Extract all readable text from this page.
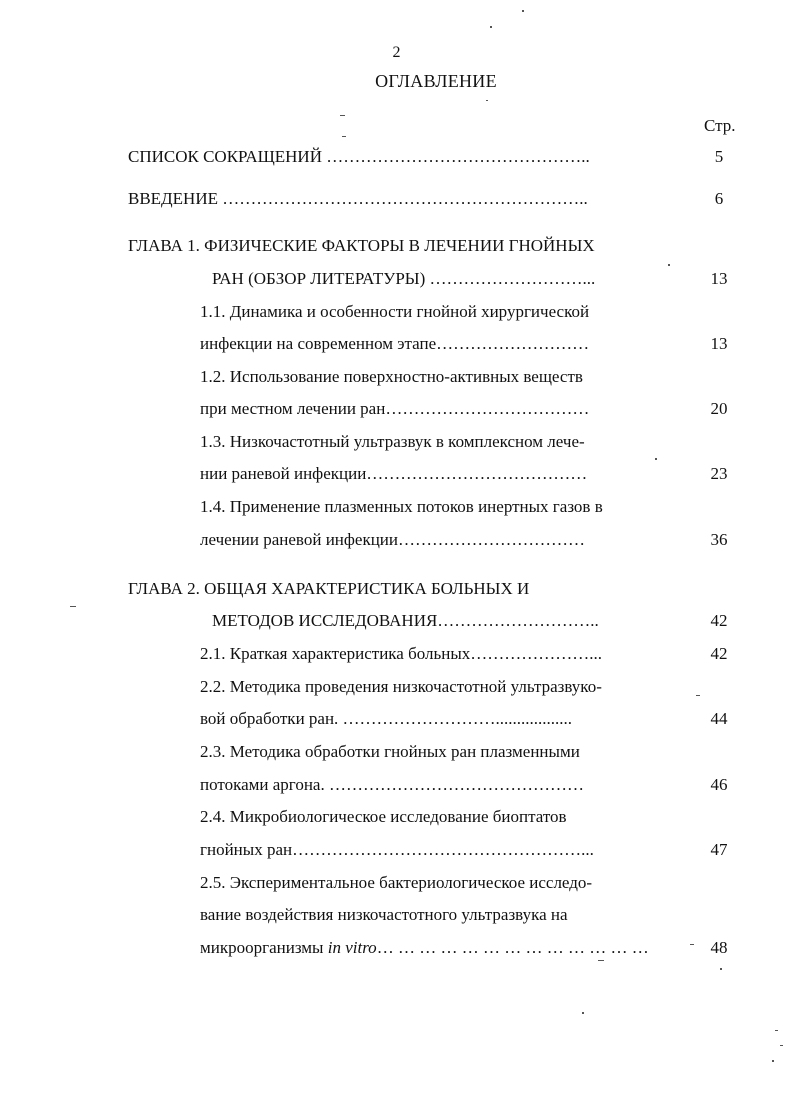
2
ОГЛАВЛЕНИЕ
Стр.
СПИСОК СОКРАЩЕНИЙ ………………………………………..	5
ВВЕДЕНИЕ ………………………………………………………..	6
ГЛАВА 1. ФИЗИЧЕСКИЕ ФАКТОРЫ В ЛЕЧЕНИИ ГНОЙНЫХ
РАН (ОБЗОР ЛИТЕРАТУРЫ) ………………………...	13
1.1. Динамика и особенности гнойной хирургической
инфекции на современном этапе………………………	13
1.2. Использование поверхностно-активных веществ
при местном лечении ран………………………………	20
1.3. Низкочастотный ультразвук в комплексном лече-
нии раневой инфекции…………………………………	23
1.4. Применение плазменных потоков инертных газов в
лечении раневой инфекции……………………………	36
ГЛАВА 2. ОБЩАЯ ХАРАКТЕРИСТИКА БОЛЬНЫХ И
МЕТОДОВ ИССЛЕДОВАНИЯ………………………..	42
2.1. Краткая характеристика больных…………………...	42
2.2. Методика проведения низкочастотной ультразвуко-
вой обработки ран. ………………………..................	44
2.3. Методика обработки гнойных ран плазменными
потоками аргона. ………………………………………	46
2.4. Микробиологическое исследование биоптатов
гнойных ран……………………………………………...	47
2.5. Экспериментальное бактериологическое исследо-
вание воздействия низкочастотного ультразвука на
микроорганизмы in vitro… … … … … … … … … … … … …	48
